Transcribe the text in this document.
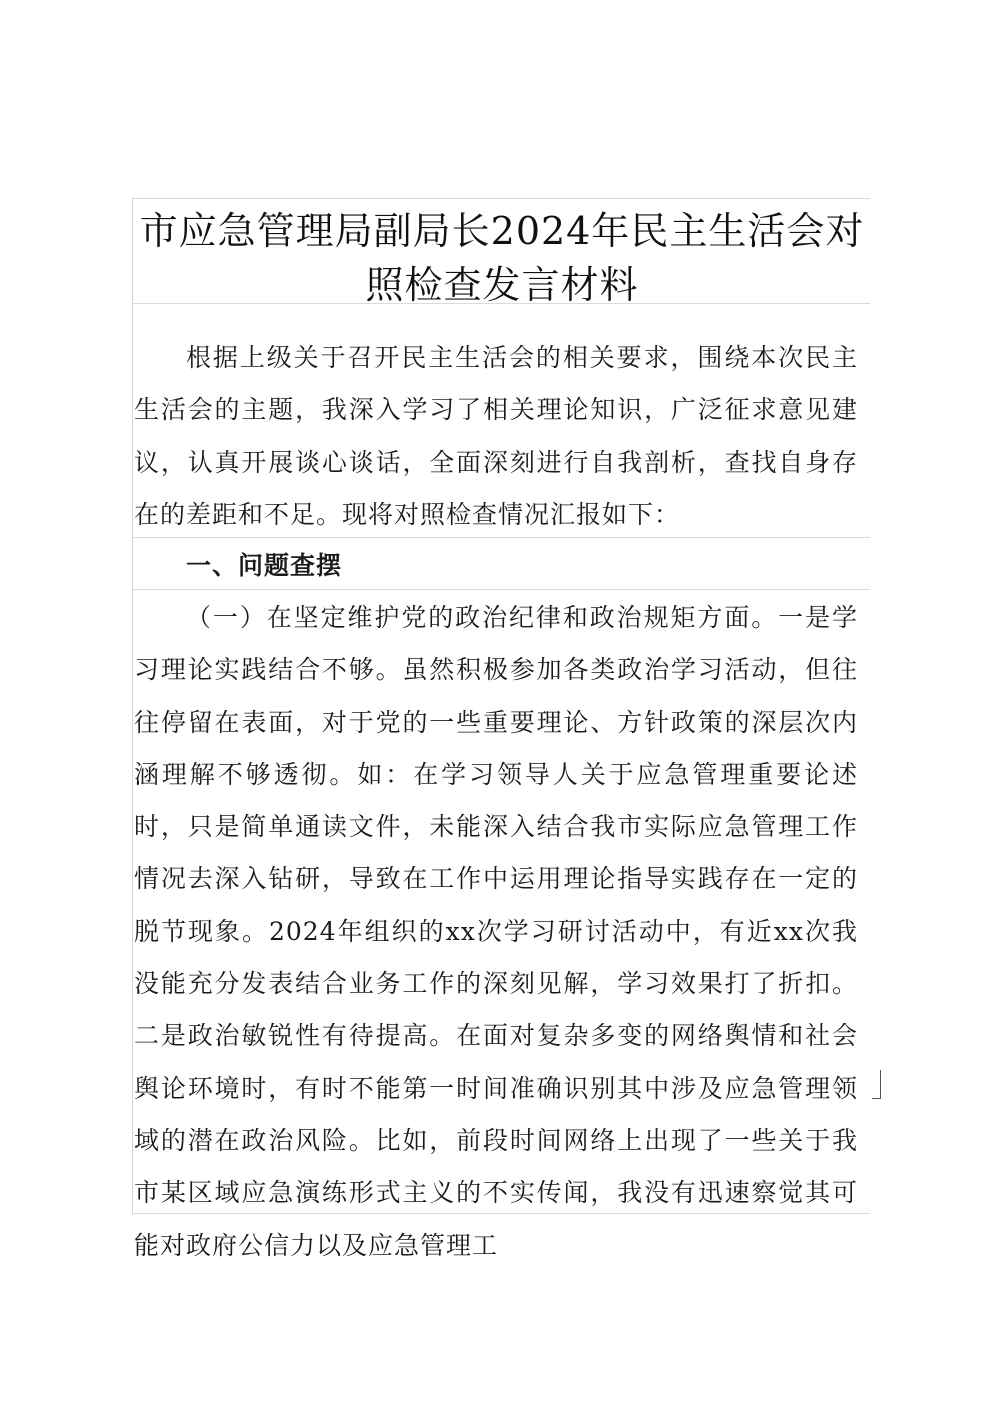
市应急管理局副局长2024年民主生活会对照检查发言材料
根据上级关于召开民主生活会的相关要求，围绕本次民主生活会的主题，我深入学习了相关理论知识，广泛征求意见建议，认真开展谈心谈话，全面深刻进行自我剖析，查找自身存在的差距和不足。现将对照检查情况汇报如下：
一、问题查摆
（一）在坚定维护党的政治纪律和政治规矩方面。一是学习理论实践结合不够。虽然积极参加各类政治学习活动，但往往停留在表面，对于党的一些重要理论、方针政策的深层次内涵理解不够透彻。如：在学习领导人关于应急管理重要论述时，只是简单通读文件，未能深入结合我市实际应急管理工作情况去深入钻研，导致在工作中运用理论指导实践存在一定的脱节现象。2024年组织的xx次学习研讨活动中，有近xx次我没能充分发表结合业务工作的深刻见解，学习效果打了折扣。二是政治敏锐性有待提高。在面对复杂多变的网络舆情和社会舆论环境时，有时不能第一时间准确识别其中涉及应急管理领域的潜在政治风险。比如，前段时间网络上出现了一些关于我市某区域应急演练形式主义的不实传闻，我没有迅速察觉其可能对政府公信力以及应急管理工
